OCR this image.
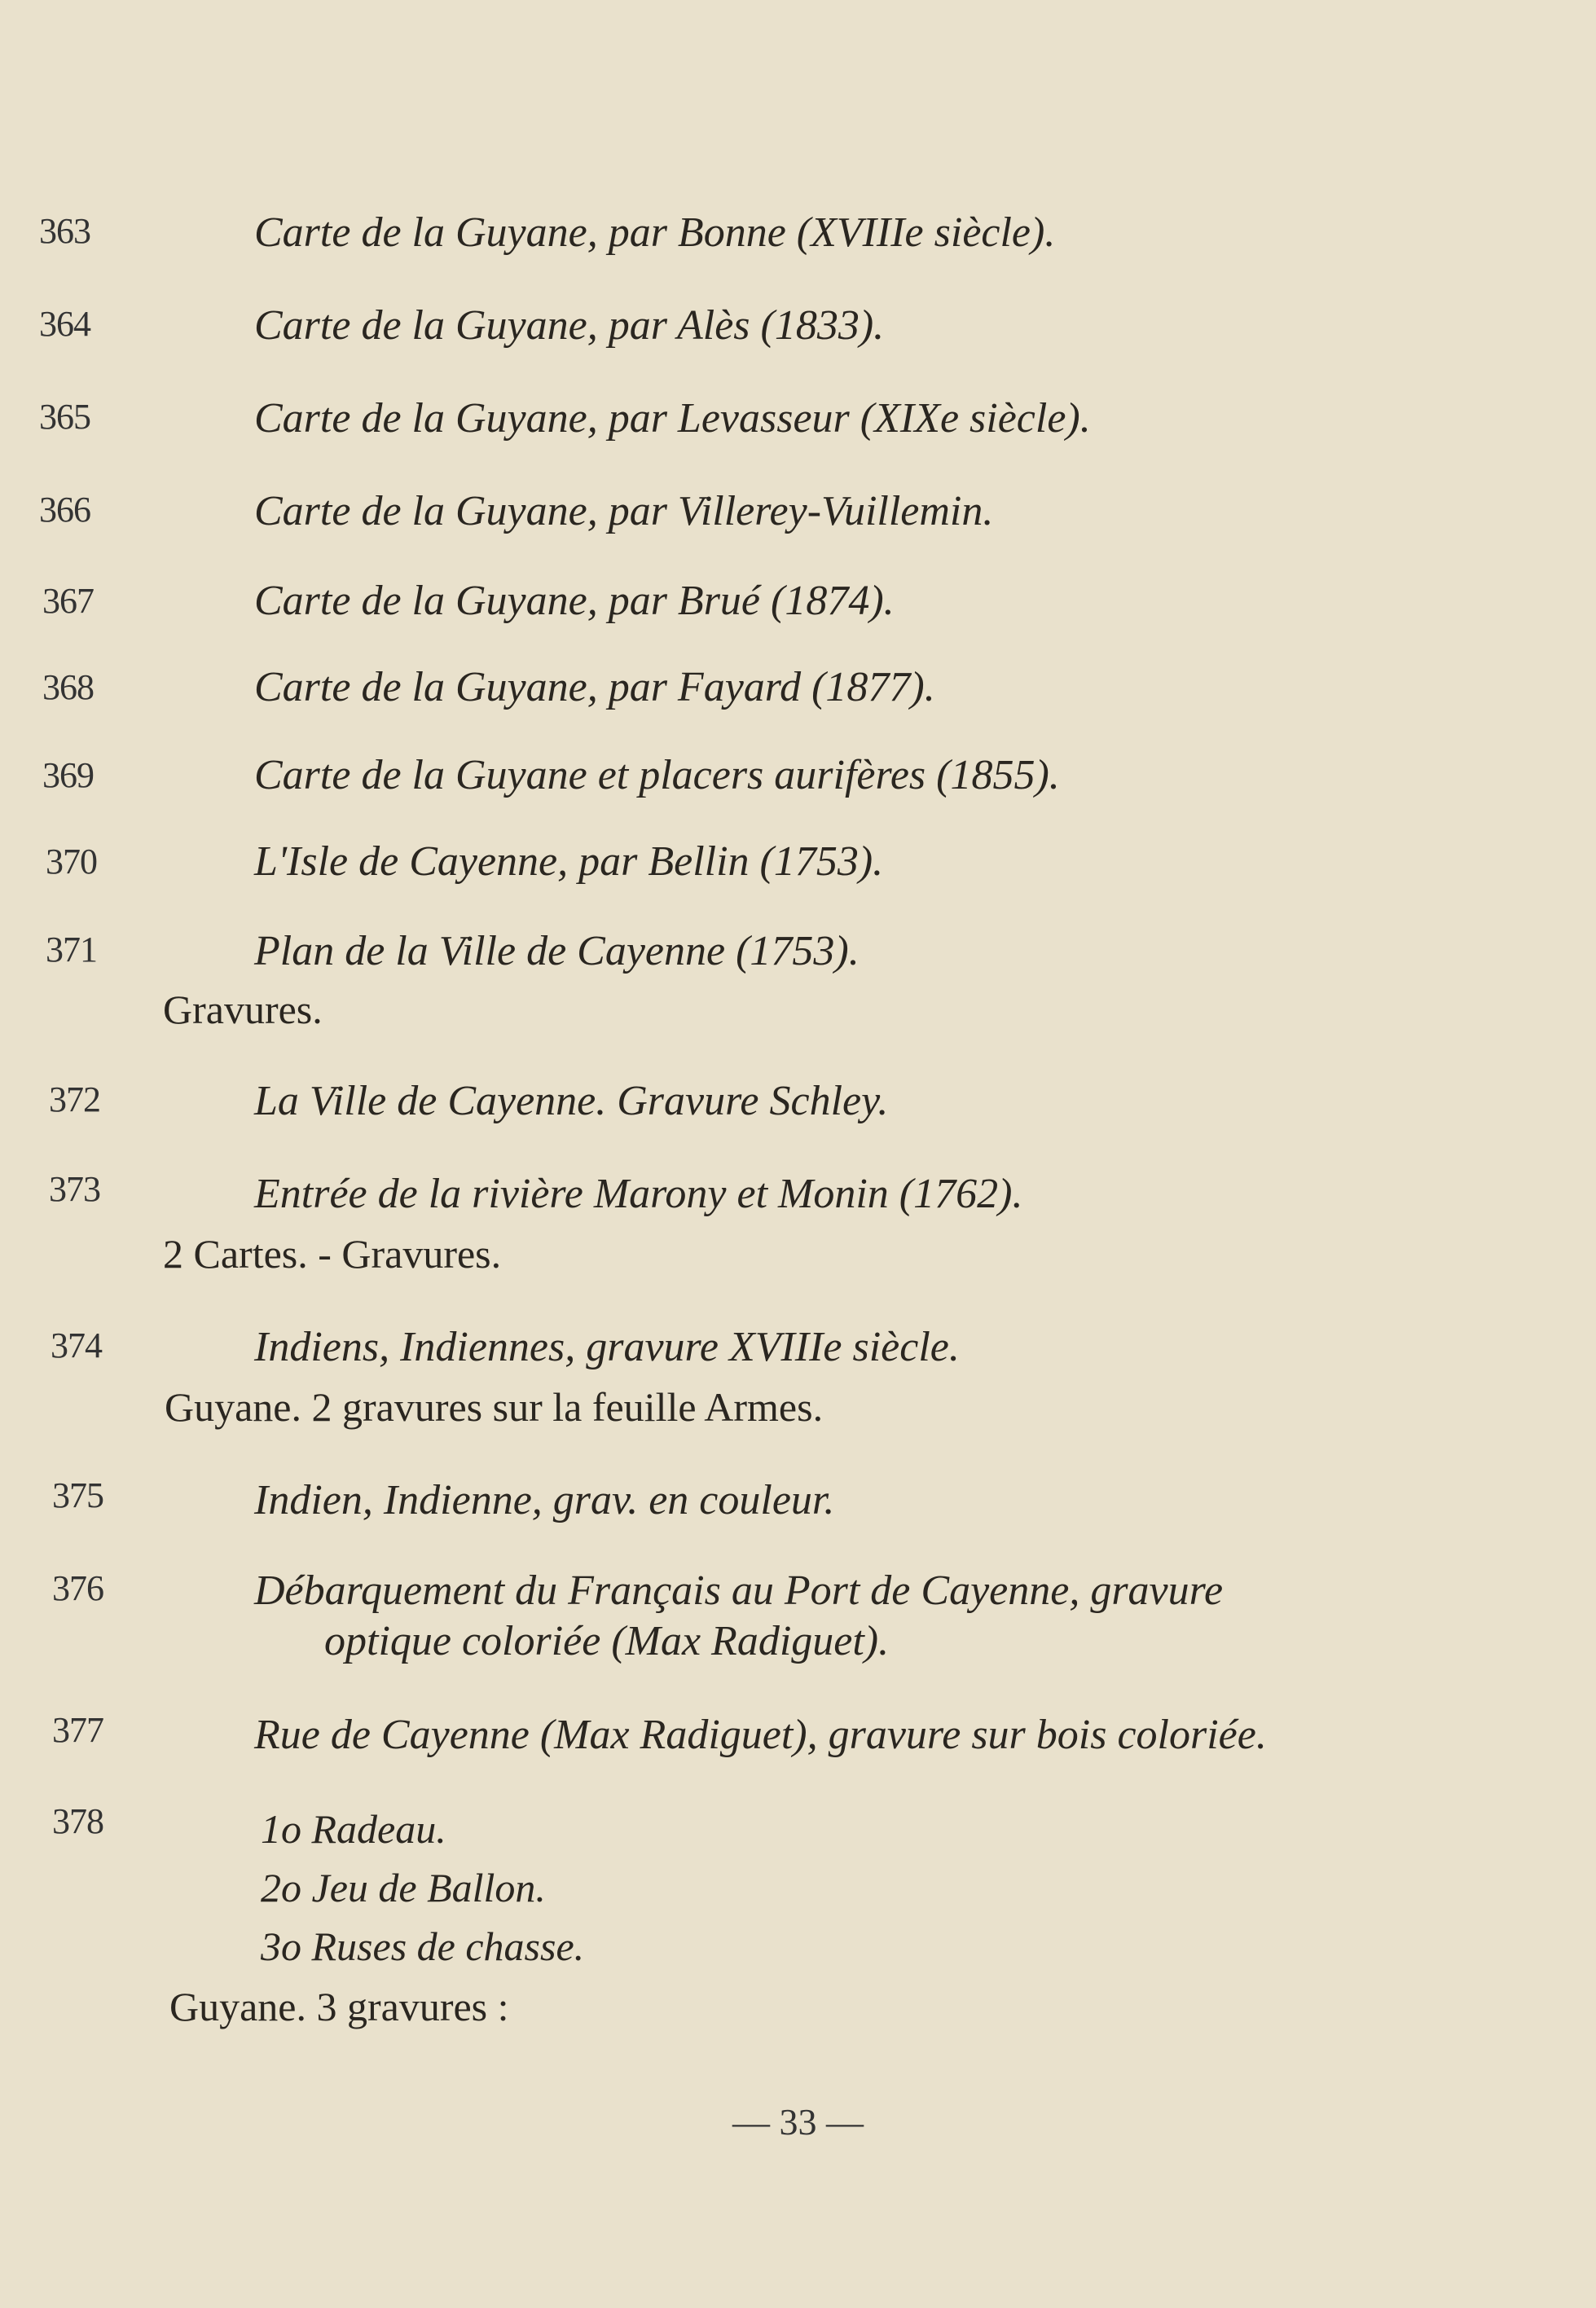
363	Carte de la Guyane, par Bonne (XVIIIe siècle).
364	Carte de la Guyane, par Alès (1833).
365	Carte de la Guyane, par Levasseur (XIXe siècle).
366	Carte de la Guyane, par Villerey-Vuillemin.
367	Carte de la Guyane, par Brué (1874).
368	Carte de la Guyane, par Fayard (1877).
369	Carte de la Guyane et placers aurifères (1855).
370	L'Isle de Cayenne, par Bellin (1753).
371	Plan de la Ville de Cayenne (1753).
Gravures.
372	La Ville de Cayenne. Gravure Schley.
373	Entrée de la rivière Marony et Monin (1762).
2 Cartes. - Gravures.
374	Indiens, Indiennes, gravure XVIIIe siècle.
Guyane. 2 gravures sur la feuille Armes.
375	Indien, Indienne, grav. en couleur.
376	Débarquement du Français au Port de Cayenne, gravure
optique coloriée (Max Radiguet).
377	Rue de Cayenne (Max Radiguet), gravure sur bois coloriée.
378	1o Radeau.
2o Jeu de Ballon.
3o Ruses de chasse.
Guyane. 3 gravures :
— 33 —
